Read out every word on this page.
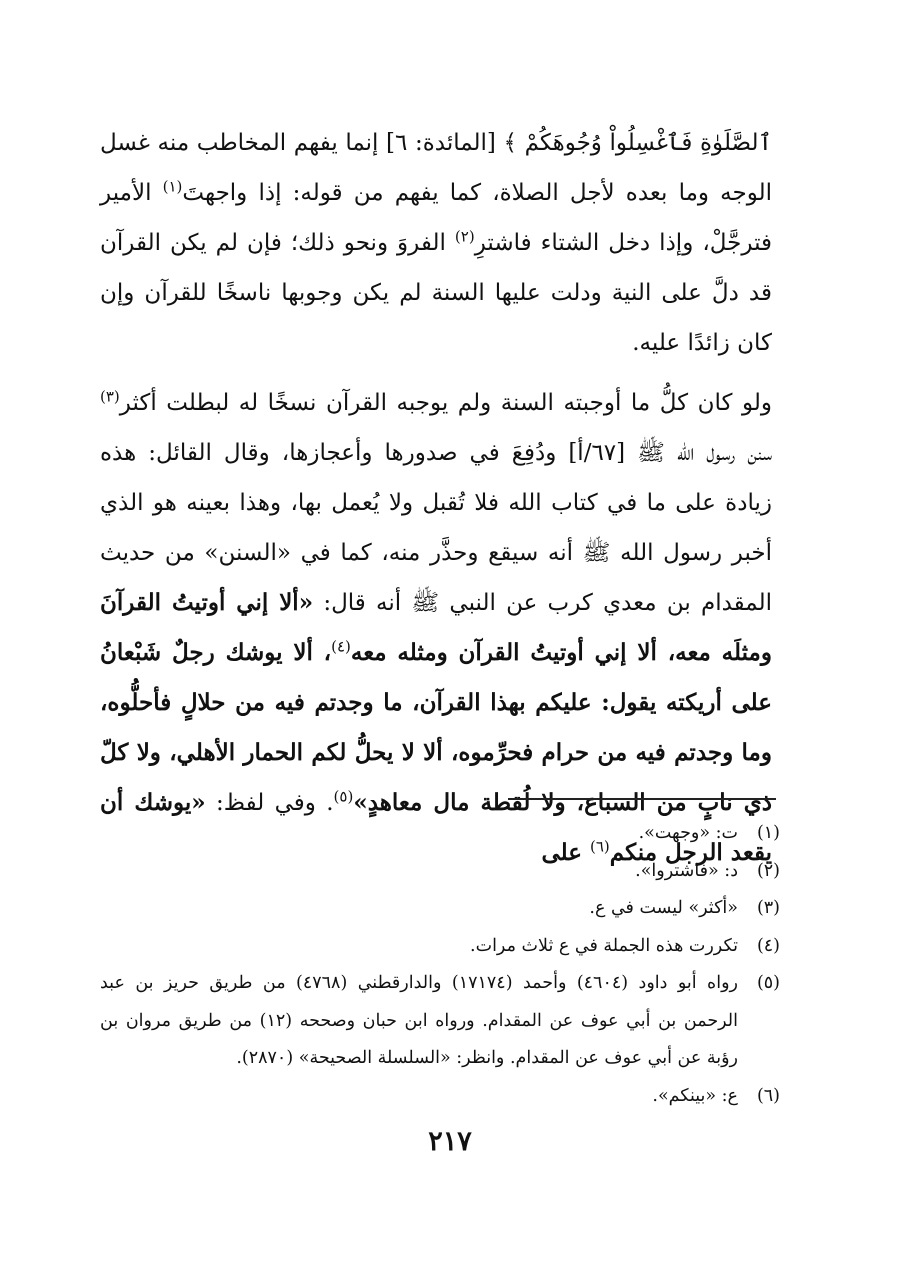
ٱلصَّلَوٰةِ فَٱغْسِلُواْ وُجُوهَكُمْ ﴾ [المائدة: ٦] إنما يفهم المخاطب منه غسل الوجه وما بعده لأجل الصلاة، كما يفهم من قوله: إذا واجهتَ$^{(١)}$ الأمير فترجَّلْ، وإذا دخل الشتاء فاشترِ$^{(٢)}$ الفروَ ونحو ذلك؛ فإن لم يكن القرآن قد دلَّ على النية ودلت عليها السنة لم يكن وجوبها ناسخًا للقرآن وإن كان زائدًا عليه.

ولو كان كلُّ ما أوجبته السنة ولم يوجبه القرآن نسخًا له لبطلت أكثر$^{(٣)}$ سنن رسول الله ﷺ [٦٧/أ] ودُفِعَ في صدورها وأعجازها، وقال القائل: هذه زيادة على ما في كتاب الله فلا تُقبل ولا يُعمل بها، وهذا بعينه هو الذي أخبر رسول الله ﷺ أنه سيقع وحذَّر منه، كما في «السنن» من حديث المقدام بن معدي كرب عن النبي ﷺ أنه قال: «ألا إني أوتيتُ القرآنَ ومثلَه معه، ألا إني أوتيتُ القرآن ومثله معه$^{(٤)}$، ألا يوشك رجلٌ شَبْعانُ على أريكته يقول: عليكم بهذا القرآن، ما وجدتم فيه من حلالٍ فأحلُّوه، وما وجدتم فيه من حرام فحرِّموه، ألا لا يحلُّ لكم الحمار الأهلي، ولا كلّ ذي نابٍ من السباع، ولا لُقطة مال معاهدٍ»$^{(٥)}$. وفي لفظ: «يوشك أن يقعد الرجل منكم$^{(٦)}$ على

(١)
ت: «وجهت».
(٢)
د: «فاشتروا».
(٣)
«أكثر» ليست في ع.
(٤)
تكررت هذه الجملة في ع ثلاث مرات.
(٥)
رواه أبو داود (٤٦٠٤) وأحمد (١٧١٧٤) والدارقطني (٤٧٦٨) من طريق حريز بن عبد الرحمن بن أبي عوف عن المقدام. ورواه ابن حبان وصححه (١٢) من طريق مروان بن رؤبة عن أبي عوف عن المقدام. وانظر: «السلسلة الصحيحة» (٢٨٧٠).
(٦)
ع: «بينكم».
٢١٧
